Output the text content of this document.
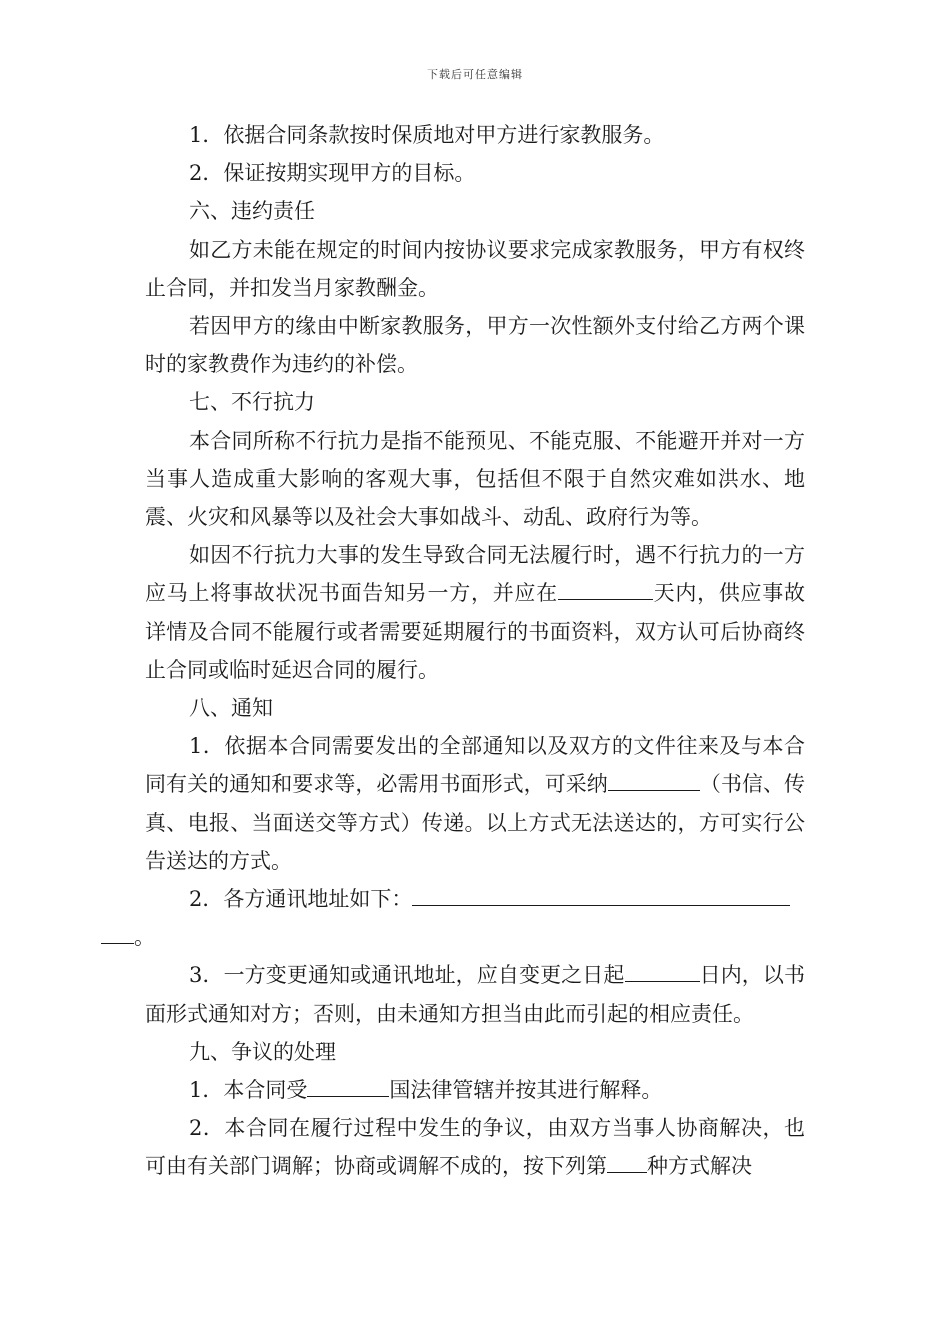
下载后可任意编辑

1．依据合同条款按时保质地对甲方进行家教服务。

2．保证按期实现甲方的目标。

六、违约责任

如乙方未能在规定的时间内按协议要求完成家教服务，甲方有权终止合同，并扣发当月家教酬金。

若因甲方的缘由中断家教服务，甲方一次性额外支付给乙方两个课时的家教费作为违约的补偿。

七、不行抗力

本合同所称不行抗力是指不能预见、不能克服、不能避开并对一方当事人造成重大影响的客观大事，包括但不限于自然灾难如洪水、地震、火灾和风暴等以及社会大事如战斗、动乱、政府行为等。

如因不行抗力大事的发生导致合同无法履行时，遇不行抗力的一方应马上将事故状况书面告知另一方，并应在	天内，供应事故详情及合同不能履行或者需要延期履行的书面资料，双方认可后协商终止合同或临时延迟合同的履行。

八、通知

1．依据本合同需要发出的全部通知以及双方的文件往来及与本合同有关的通知和要求等，必需用书面形式，可采纳	（书信、传真、电报、当面送交等方式）传递。以上方式无法送达的，方可实行公告送达的方式。

2．各方通讯地址如下：
。

3．一方变更通知或通讯地址，应自变更之日起	日内，以书面形式通知对方；否则，由未通知方担当由此而引起的相应责任。

九、争议的处理

1．本合同受	国法律管辖并按其进行解释。

2．本合同在履行过程中发生的争议，由双方当事人协商解决，也可由有关部门调解；协商或调解不成的，按下列第 种方式解决
